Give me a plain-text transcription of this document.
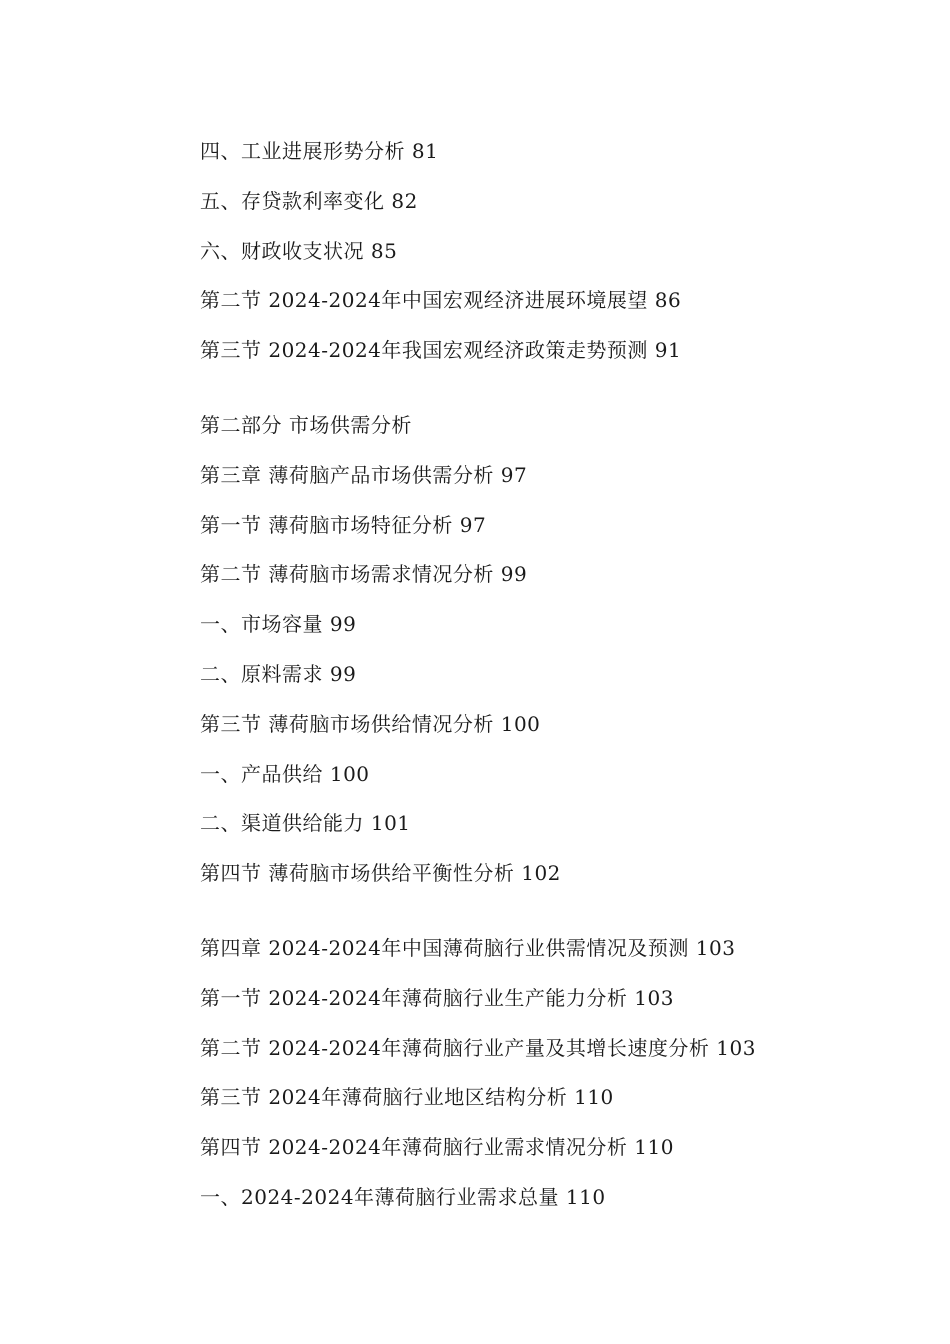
四、工业进展形势分析 81
五、存贷款利率变化 82
六、财政收支状况 85
第二节 2024-2024年中国宏观经济进展环境展望 86
第三节 2024-2024年我国宏观经济政策走势预测 91
第二部分 市场供需分析
第三章 薄荷脑产品市场供需分析 97
第一节 薄荷脑市场特征分析 97
第二节 薄荷脑市场需求情况分析 99
一、市场容量 99
二、原料需求 99
第三节 薄荷脑市场供给情况分析 100
一、产品供给 100
二、渠道供给能力 101
第四节 薄荷脑市场供给平衡性分析 102
第四章 2024-2024年中国薄荷脑行业供需情况及预测 103
第一节 2024-2024年薄荷脑行业生产能力分析 103
第二节 2024-2024年薄荷脑行业产量及其增长速度分析 103
第三节 2024年薄荷脑行业地区结构分析 110
第四节 2024-2024年薄荷脑行业需求情况分析 110
一、2024-2024年薄荷脑行业需求总量 110
